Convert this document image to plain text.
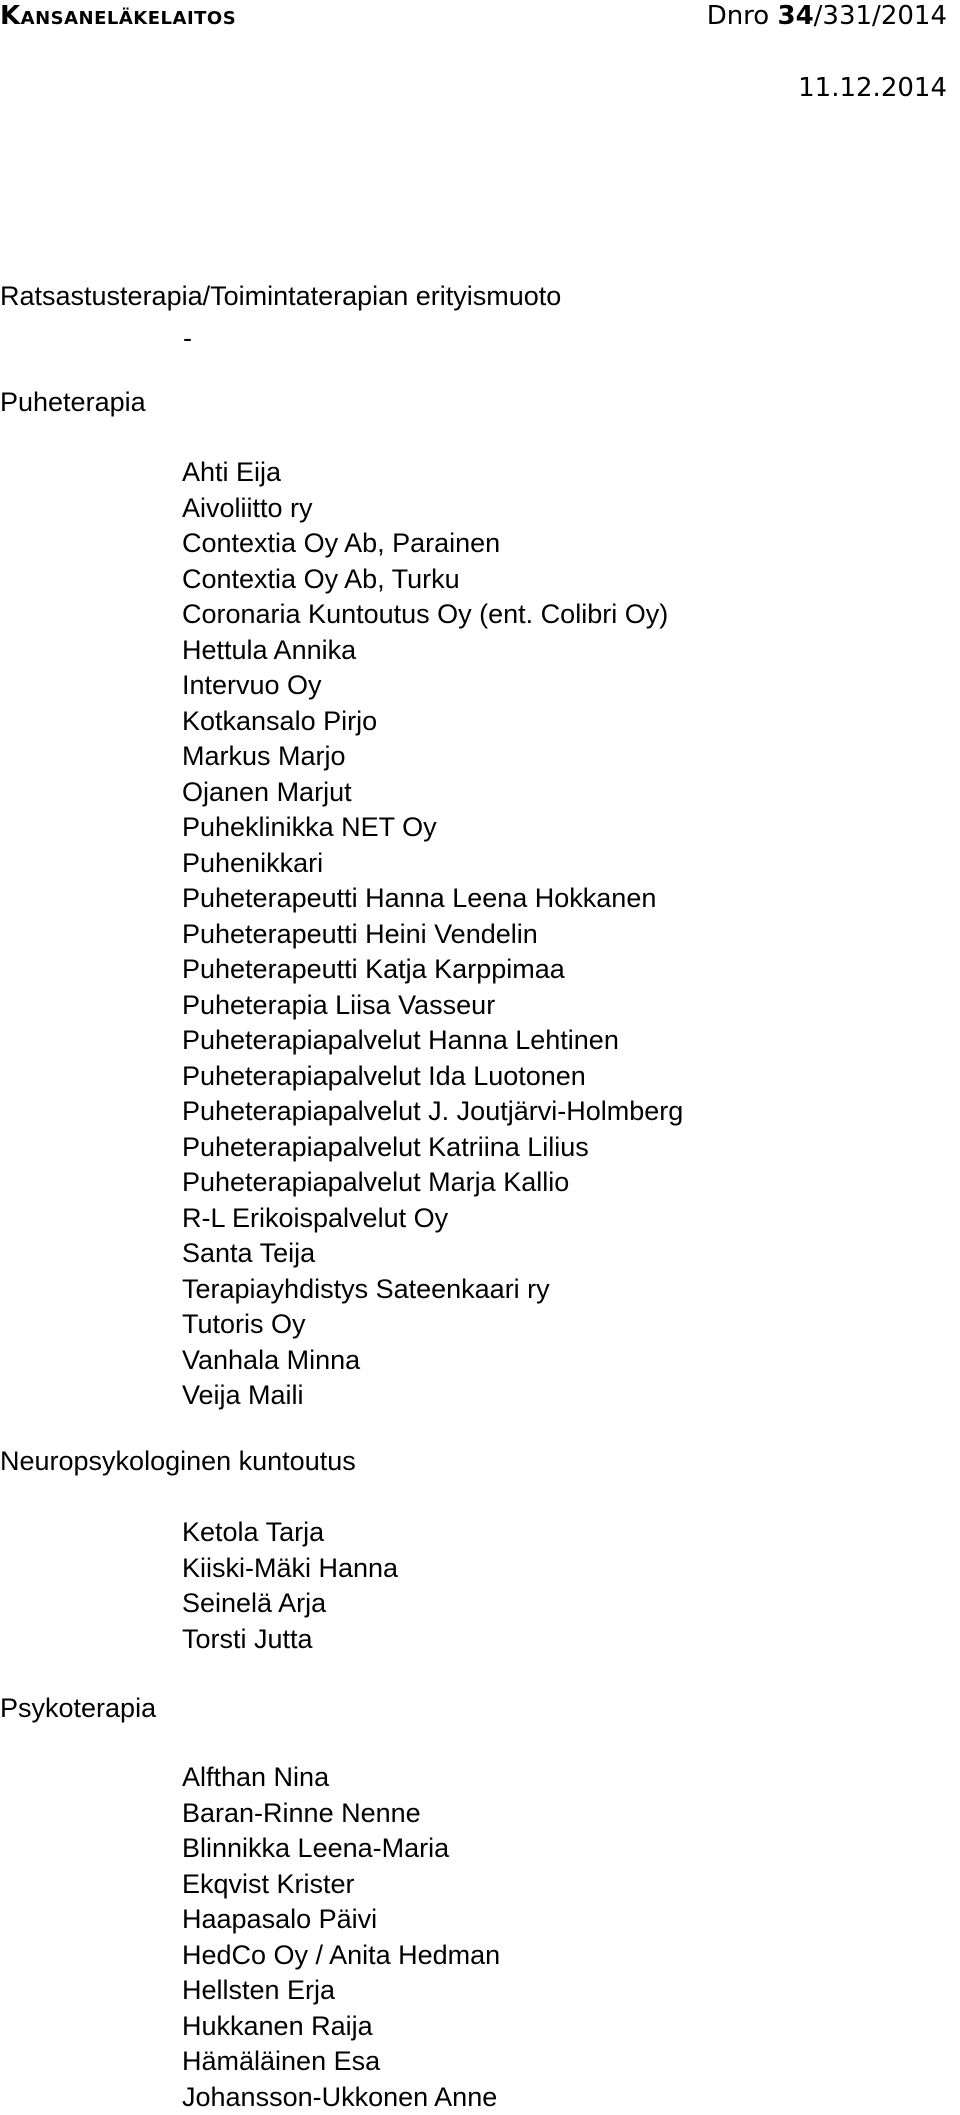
Kansaneläkelaitos	Dnro 34/331/2014
11.12.2014
Ratsastusterapia/Toimintaterapian erityismuoto
-
Puheterapia
Ahti Eija
Aivoliitto ry
Contextia Oy Ab, Parainen
Contextia Oy Ab, Turku
Coronaria Kuntoutus Oy (ent. Colibri Oy)
Hettula Annika
Intervuo Oy
Kotkansalo Pirjo
Markus Marjo
Ojanen Marjut
Puheklinikka NET Oy
Puhenikkari
Puheterapeutti Hanna Leena Hokkanen
Puheterapeutti Heini Vendelin
Puheterapeutti Katja Karppimaa
Puheterapia Liisa Vasseur
Puheterapiapalvelut Hanna Lehtinen
Puheterapiapalvelut Ida Luotonen
Puheterapiapalvelut J. Joutjärvi-Holmberg
Puheterapiapalvelut Katriina Lilius
Puheterapiapalvelut Marja Kallio
R-L Erikoispalvelut Oy
Santa Teija
Terapiayhdistys Sateenkaari ry
Tutoris Oy
Vanhala Minna
Veija Maili
Neuropsykologinen kuntoutus
Ketola Tarja
Kiiski-Mäki Hanna
Seinelä Arja
Torsti Jutta
Psykoterapia
Alfthan Nina
Baran-Rinne Nenne
Blinnikka Leena-Maria
Ekqvist Krister
Haapasalo Päivi
HedCo Oy / Anita Hedman
Hellsten Erja
Hukkanen Raija
Hämäläinen Esa
Johansson-Ukkonen Anne
